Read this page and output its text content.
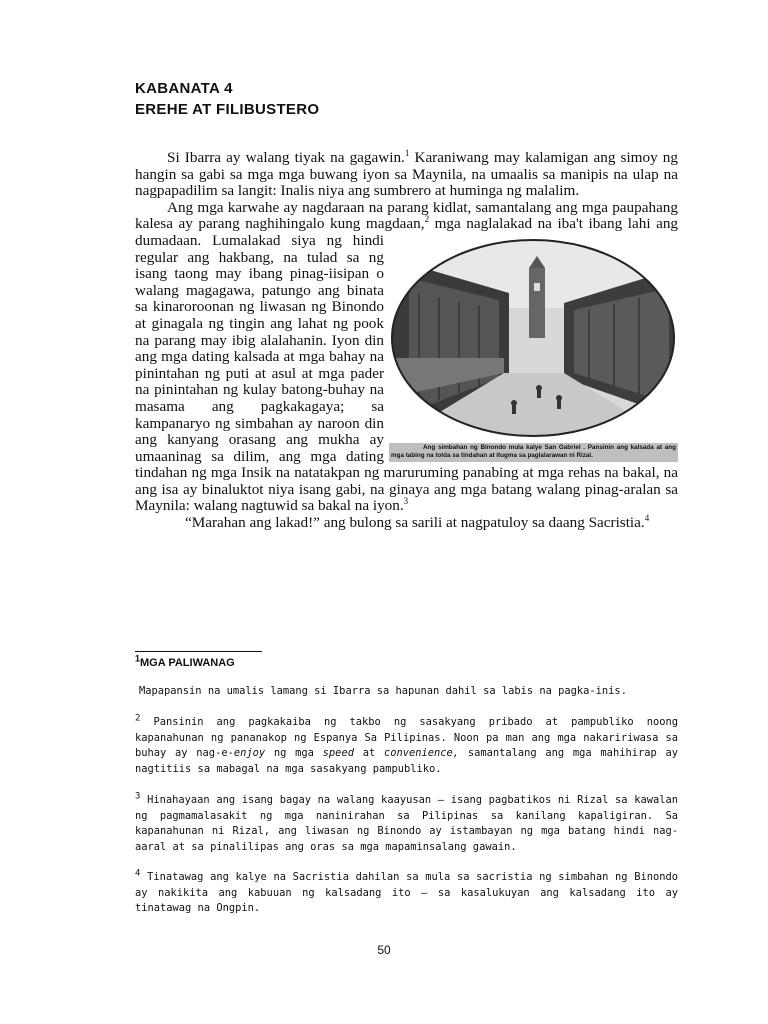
KABANATA 4
EREHE AT FILIBUSTERO

Si Ibarra ay walang tiyak na gagawin.$^1$ Karaniwang may kalamigan ang simoy ng hangin sa gabi sa mga mga buwang iyon sa Maynila, na umaalis sa manipis na ulap na nagpapadilim sa langit: Inalis niya ang sumbrero at huminga ng malalim.

Ang mga karwahe ay nagdaraan na parang kidlat, samantalang ang mga paupahang kalesa ay parang naghihingalo kung magdaan,$^2$
Ang simbahan ng Binondo mula kalye San Gabriel . Pansinin ang kalsada at ang mga tabing na tolda sa tindahan at itugma sa paglalarawan ni Rizal.
mga naglalakad na iba't ibang lahi ang dumadaan. Lumalakad siya ng hindi regular ang hakbang, na tulad sa ng isang taong may ibang pinag-iisipan o walang magagawa, patungo ang binata sa kinaroroonan ng liwasan ng Binondo at ginagala ng tingin ang lahat ng pook na parang may ibig alalahanin. Iyon din ang mga dating kalsada at mga bahay na pinintahan ng puti at asul at mga pader na pinintahan ng kulay batong-buhay na masama ang pagkakagaya; sa kampanaryo ng simbahan ay naroon din ang kanyang orasang ang mukha ay umaaninag sa dilim, ang mga dating tindahan ng mga Insik na natatakpan ng maruruming panabing at mga rehas na bakal, na ang isa ay binaluktot niya isang gabi, na ginaya ang mga batang walang pinag-aralan sa Maynila: walang nagtuwid sa bakal na iyon.$^3$

“Marahan ang lakad!” ang bulong sa sarili at nagpatuloy sa daang Sacristia.$^4$

$^1$MGA PALIWANAG

Mapapansin na umalis lamang si Ibarra sa hapunan dahil sa labis na pagka-inis.

$^2$ Pansinin ang pagkakaiba ng takbo ng sasakyang pribado at pampubliko noong kapanahunan ng pananakop ng Espanya Sa Pilipinas. Noon pa man ang mga nakaririwasa sa buhay ay nag-e-enjoy ng mga speed at convenience, samantalang ang mga mahihirap ay nagtitiis sa mabagal na mga sasakyang pampubliko.

$^3$ Hinahayaan ang isang bagay na walang kaayusan – isang pagbatikos ni Rizal sa kawalan ng pagmamalasakit ng mga naninirahan sa Pilipinas sa kanilang kapaligiran. Sa kapanahunan ni Rizal, ang liwasan ng Binondo ay istambayan ng mga batang hindi nag-aaral at sa pinalilipas ang oras sa mga mapaminsalang gawain.

$^4$ Tinatawag ang kalye na Sacristia dahilan sa mula sa sacristia ng simbahan ng Binondo ay nakikita ang kabuuan ng kalsadang ito – sa kasalukuyan ang kalsadang ito ay tinatawag na Ongpin.

50
